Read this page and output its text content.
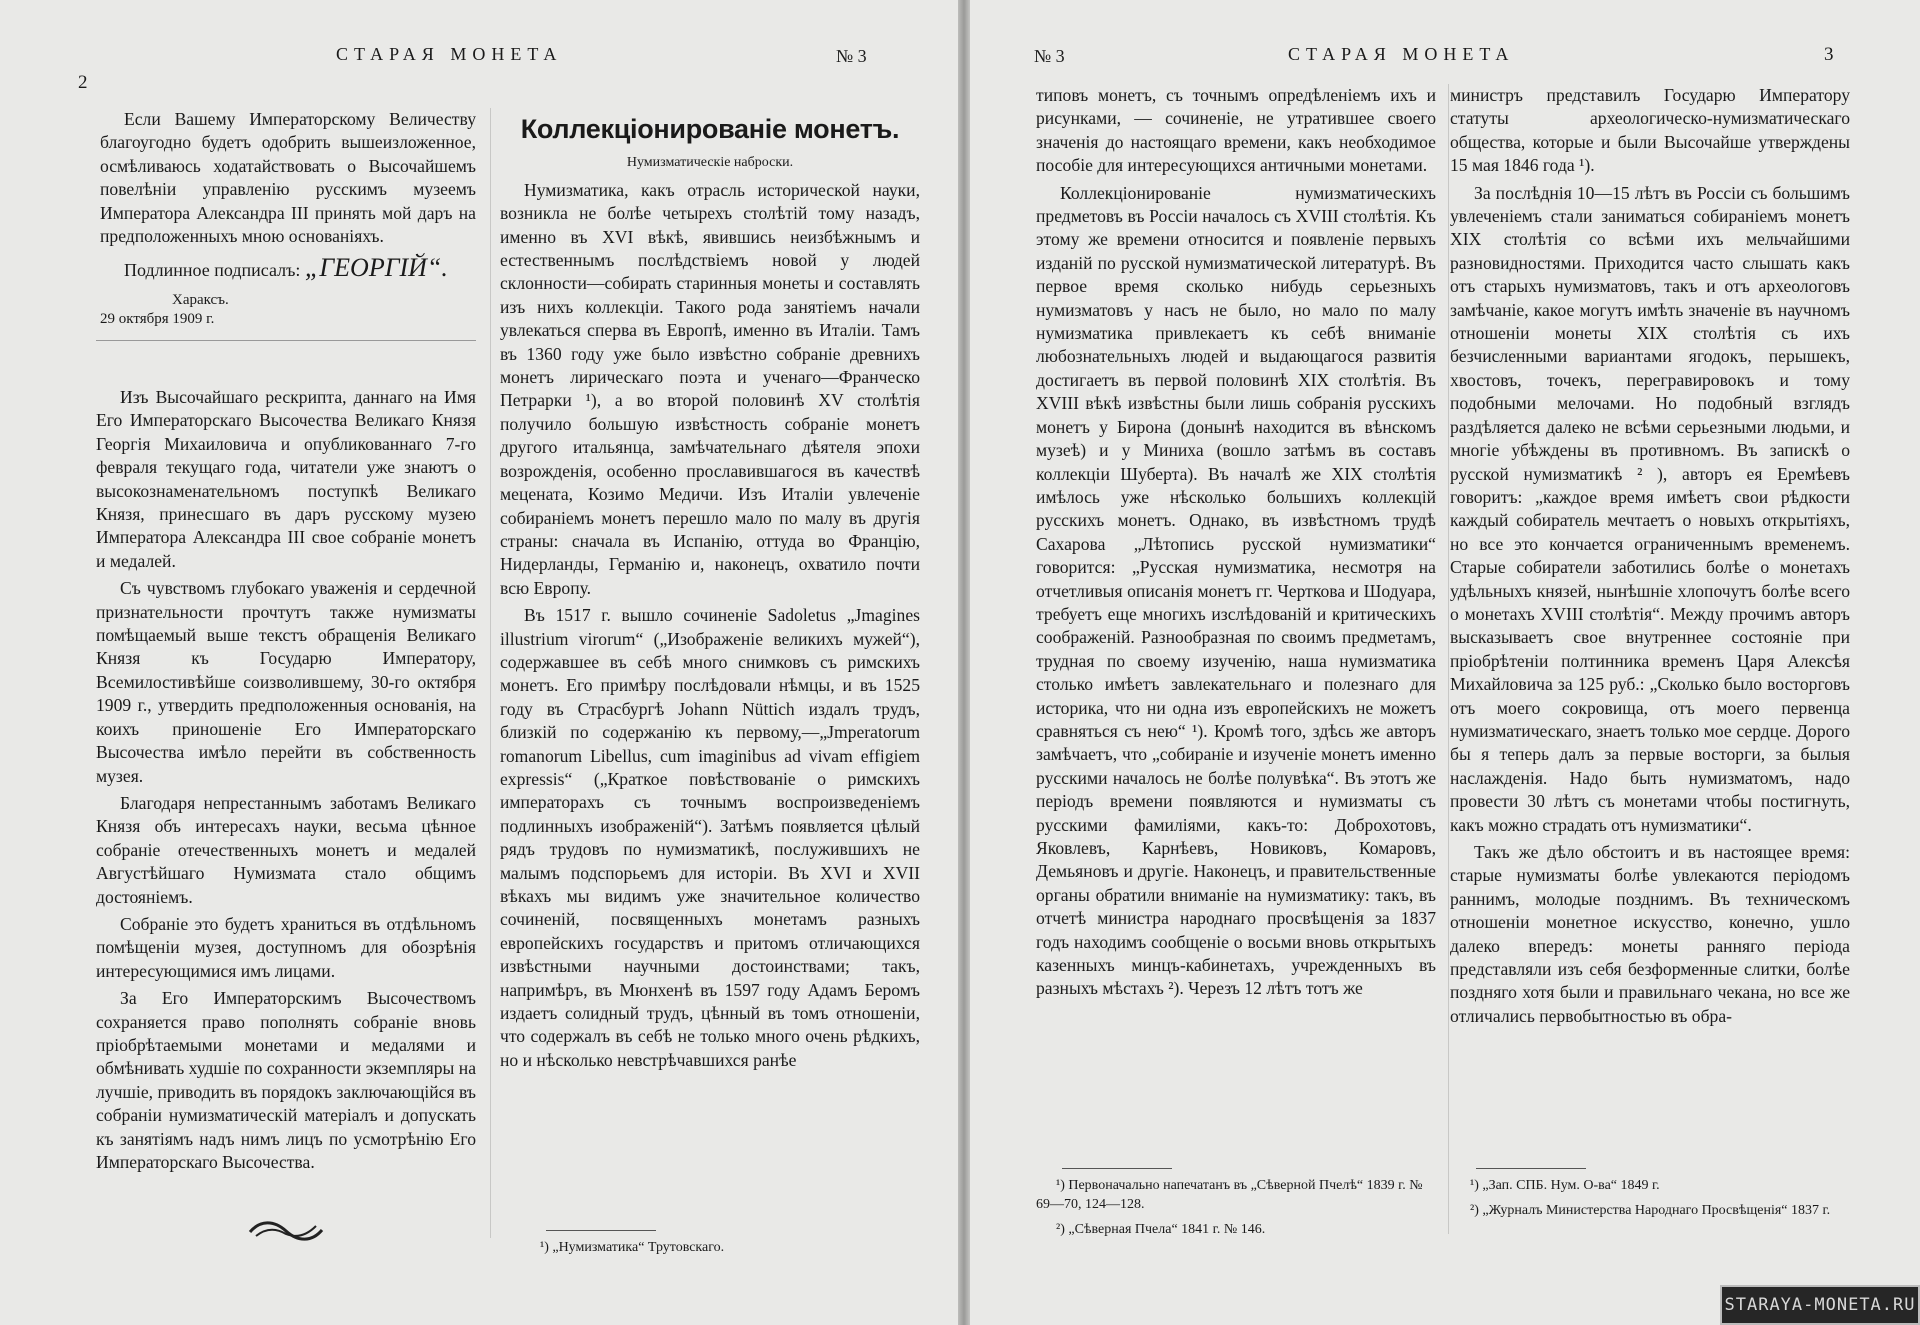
2
СТАРАЯ МОНЕТА	№ 3

Если Вашему Императорскому Величеству благоугодно будетъ одобрить вышеизложенное, осмѣливаюсь ходатайствовать о Высочайшемъ повелѣніи управленію русскимъ музеемъ Императора Александра III принять мой даръ на предположенныхъ мною основаніяхъ.

Подлинное подписалъ: „ГЕОРГІЙ“.
Хараксъ.
29 октября 1909 г.

Изъ Высочайшаго рескрипта, даннаго на Имя Его Императорскаго Высочества Великаго Князя Георгія Михаиловича и опубликованнаго 7-го февраля текущаго года, читатели уже знаютъ о высокознаменательномъ поступкѣ Великаго Князя, принесшаго въ даръ русскому музею Императора Александра III свое собраніе монетъ и медалей.

Съ чувствомъ глубокаго уваженія и сердечной признательности прочтутъ также нумизматы помѣщаемый выше текстъ обращенія Великаго Князя къ Государю Императору, Всемилостивѣйше соизволившему, 30-го октября 1909 г., утвердить предположенныя основанія, на коихъ приношеніе Его Императорскаго Высочества имѣло перейти въ собственность музея.

Благодаря непрестаннымъ заботамъ Великаго Князя объ интересахъ науки, весьма цѣнное собраніе отечественныхъ монетъ и медалей Августѣйшаго Нумизмата стало общимъ достояніемъ.

Собраніе это будетъ храниться въ отдѣльномъ помѣщеніи музея, доступномъ для обозрѣнія интересующимися имъ лицами.

За Его Императорскимъ Высочествомъ сохраняется право пополнять собраніе вновь пріобрѣтаемыми монетами и медалями и обмѣнивать худшіе по сохранности экземпляры на лучшіе, приводить въ порядокъ заключающійся въ собраніи нумизматическій матеріалъ и допускать къ занятіямъ надъ нимъ лицъ по усмотрѣнію Его Императорскаго Высочества.

Коллекціонированіе монетъ.
Нумизматическіе наброски.

Нумизматика, какъ отрасль исторической науки, возникла не болѣе четырехъ столѣтій тому назадъ, именно въ XVI вѣкѣ, явившись неизбѣжнымъ и естественнымъ послѣдствіемъ новой у людей склонности—собирать старинныя монеты и составлять изъ нихъ коллекціи. Такого рода занятіемъ начали увлекаться сперва въ Европѣ, именно въ Италіи. Тамъ въ 1360 году уже было извѣстно собраніе древнихъ монетъ лирическаго поэта и ученаго—Франческо Петрарки ¹), а во второй половинѣ XV столѣтія получило большую извѣстность собраніе монетъ другого итальянца, замѣчательнаго дѣятеля эпохи возрожденія, особенно прославившагося въ качествѣ мецената, Козимо Медичи. Изъ Италіи увлеченіе собираніемъ монетъ перешло мало по малу въ другія страны: сначала въ Испанію, оттуда во Францію, Нидерланды, Германію и, наконецъ, охватило почти всю Европу.

Въ 1517 г. вышло сочиненіе Sadoletus „Jmagines illustrium virorum“ („Изображеніе великихъ мужей“), содержавшее въ себѣ много снимковъ съ римскихъ монетъ. Его примѣру послѣдовали нѣмцы, и въ 1525 году въ Страсбургѣ Johann Nüttich издалъ трудъ, близкій по содержанію къ первому,—„Jmperatorum romanorum Libellus, cum imaginibus ad vivam effigiem expressis“ („Краткое повѣствованіе о римскихъ императорахъ съ точнымъ воспроизведеніемъ подлинныхъ изображеній“). Затѣмъ появляется цѣлый рядъ трудовъ по нумизматикѣ, послужившихъ не малымъ подспорьемъ для исторіи. Въ XVI и XVII вѣкахъ мы видимъ уже значительное количество сочиненій, посвященныхъ монетамъ разныхъ европейскихъ государствъ и притомъ отличающихся извѣстными научными достоинствами; такъ, напримѣръ, въ Мюнхенѣ въ 1597 году Адамъ Беромъ издаетъ солидный трудъ, цѣнный въ томъ отношеніи, что содержалъ въ себѣ не только много очень рѣдкихъ, но и нѣсколько невстрѣчавшихся ранѣе

¹) „Нумизматика“ Трутовскаго.
№ 3	СТАРАЯ МОНЕТА	3

типовъ монетъ, съ точнымъ опредѣленіемъ ихъ и рисунками, — сочиненіе, не утратившее своего значенія до настоящаго времени, какъ необходимое пособіе для интересующихся античными монетами.

Коллекціонированіе нумизматическихъ предметовъ въ Россіи началось съ XVIII столѣтія. Къ этому же времени относится и появленіе первыхъ изданій по русской нумизматической литературѣ. Въ первое время сколько нибудь серьезныхъ нумизматовъ у насъ не было, но мало по малу нумизматика привлекаетъ къ себѣ вниманіе любознательныхъ людей и выдающагося развитія достигаетъ въ первой половинѣ XIX столѣтія. Въ XVIII вѣкѣ извѣстны были лишь собранія русскихъ монетъ у Бирона (донынѣ находится въ вѣнскомъ музеѣ) и у Миниха (вошло затѣмъ въ составъ коллекціи Шуберта). Въ началѣ же XIX столѣтія имѣлось уже нѣсколько большихъ коллекцій русскихъ монетъ. Однако, въ извѣстномъ трудѣ Сахарова „Лѣтопись русской нумизматики“ говорится: „Русская нумизматика, несмотря на отчетливыя описанія монетъ гг. Черткова и Шодуара, требуетъ еще многихъ изслѣдованій и критическихъ соображеній. Разнообразная по своимъ предметамъ, трудная по своему изученію, наша нумизматика столько имѣетъ завлекательнаго и полезнаго для историка, что ни одна изъ европейскихъ не можетъ сравняться съ нею“ ¹). Кромѣ того, здѣсь же авторъ замѣчаетъ, что „собираніе и изученіе монетъ именно русскими началось не болѣе полувѣка“. Въ этотъ же періодъ времени появляются и нумизматы съ русскими фамиліями, какъ-то: Доброхотовъ, Яковлевъ, Карнѣевъ, Новиковъ, Комаровъ, Демьяновъ и другіе. Наконецъ, и правительственные органы обратили вниманіе на нумизматику: такъ, въ отчетѣ министра народнаго просвѣщенія за 1837 годъ находимъ сообщеніе о восьми вновь открытыхъ казенныхъ минцъ-кабинетахъ, учрежденныхъ въ разныхъ мѣстахъ ²). Черезъ 12 лѣтъ тотъ же

министръ представилъ Государю Императору статуты археологическо-нумизматическаго общества, которые и были Высочайше утверждены 15 мая 1846 года ¹).

За послѣднія 10—15 лѣтъ въ Россіи съ большимъ увлеченіемъ стали заниматься собираніемъ монетъ XIX столѣтія со всѣми ихъ мельчайшими разновидностями. Приходится часто слышать какъ отъ старыхъ нумизматовъ, такъ и отъ археологовъ замѣчаніе, какое могутъ имѣть значеніе въ научномъ отношеніи монеты XIX столѣтія съ ихъ безчисленными вариантами ягодокъ, перышекъ, хвостовъ, точекъ, перегравировокъ и тому подобными мелочами. Но подобный взглядъ раздѣляется далеко не всѣми серьезными людьми, и многіе убѣждены въ противномъ. Въ запискѣ о русской нумизматикѣ ² ), авторъ ея Еремѣевъ говоритъ: „каждое время имѣетъ свои рѣдкости каждый собиратель мечтаетъ о новыхъ открытіяхъ, но все это кончается ограниченнымъ временемъ. Старые собиратели заботились болѣе о монетахъ удѣльныхъ князей, нынѣшніе хлопочутъ болѣе всего о монетахъ XVIII столѣтія“. Между прочимъ авторъ высказываетъ свое внутреннее состояніе при пріобрѣтеніи полтинника временъ Царя Алексѣя Михайловича за 125 руб.: „Сколько было восторговъ отъ моего сокровища, отъ моего первенца нумизматическаго, знаетъ только мое сердце. Дорого бы я теперь далъ за первые восторги, за былыя наслажденія. Надо быть нумизматомъ, надо провести 30 лѣтъ съ монетами чтобы постигнуть, какъ можно страдать отъ нумизматики“.

Такъ же дѣло обстоитъ и въ настоящее время: старые нумизматы болѣе увлекаются періодомъ раннимъ, молодые позднимъ. Въ техническомъ отношеніи монетное искусство, конечно, ушло далеко впередъ: монеты ранняго періода представляли изъ себя безформенные слитки, болѣе поздняго хотя были и правильнаго чекана, но все же отличались первобытностью въ обра-

¹) Первоначально напечатанъ въ „Сѣверной Пчелѣ“ 1839 г. № 69—70, 124—128.
²) „Сѣверная Пчела“ 1841 г. № 146.
¹) „Зап. СПБ. Нум. О-ва“ 1849 г.
²) „Журналъ Министерства Народнаго Просвѣщенія“ 1837 г.
STARAYA-MONETA.RU
